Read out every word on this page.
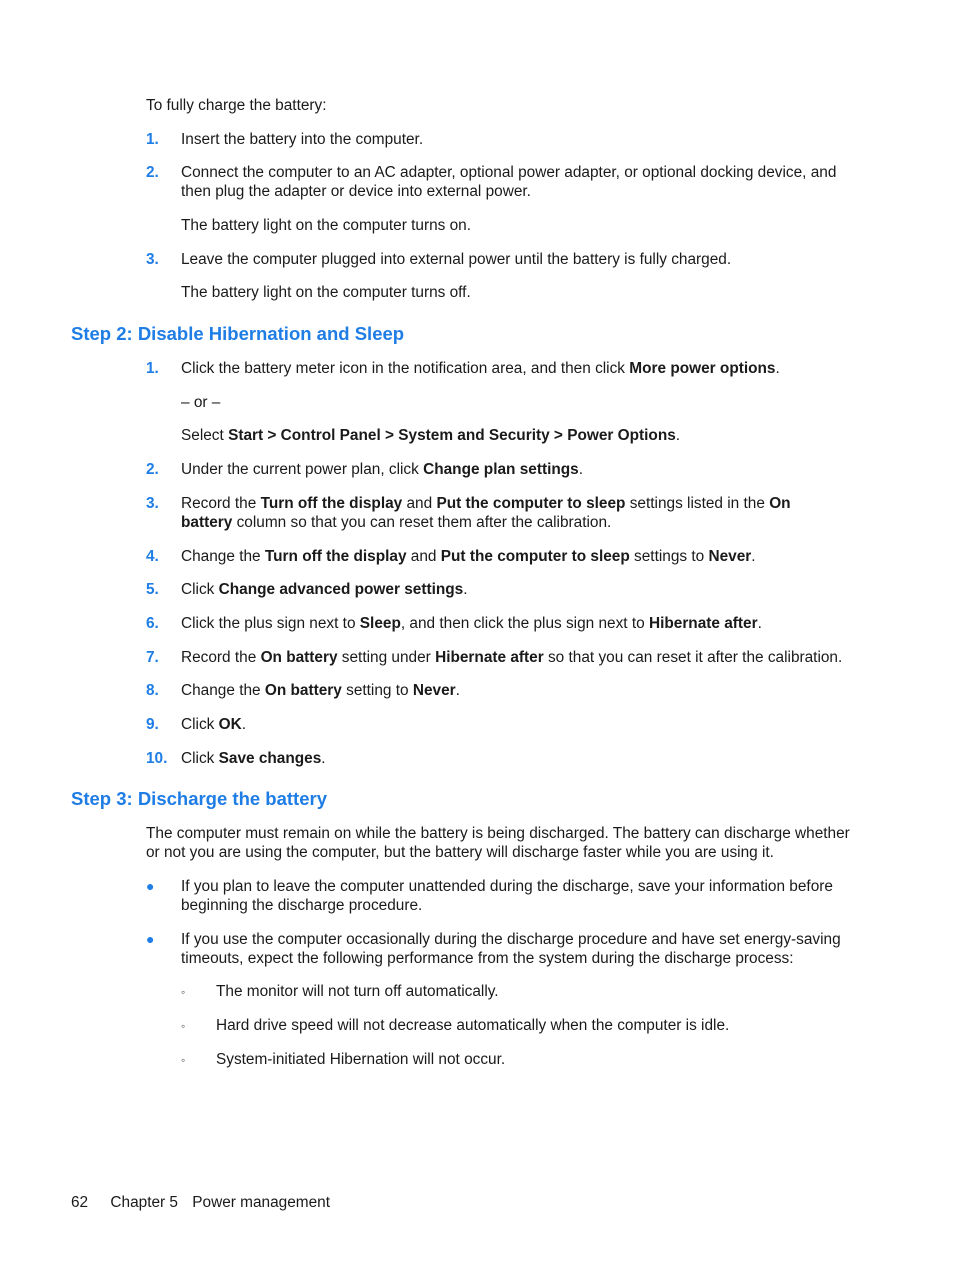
To fully charge the battery:
1. Insert the battery into the computer.
2. Connect the computer to an AC adapter, optional power adapter, or optional docking device, and
then plug the adapter or device into external power.
The battery light on the computer turns on.
3. Leave the computer plugged into external power until the battery is fully charged.
The battery light on the computer turns off.
Step 2: Disable Hibernation and Sleep
1. Click the battery meter icon in the notification area, and then click More power options.
– or –
Select Start > Control Panel > System and Security > Power Options.
2. Under the current power plan, click Change plan settings.
3. Record the Turn off the display and Put the computer to sleep settings listed in the On
battery column so that you can reset them after the calibration.
4. Change the Turn off the display and Put the computer to sleep settings to Never.
5. Click Change advanced power settings.
6. Click the plus sign next to Sleep, and then click the plus sign next to Hibernate after.
7. Record the On battery setting under Hibernate after so that you can reset it after the calibration.
8. Change the On battery setting to Never.
9. Click OK.
10. Click Save changes.
Step 3: Discharge the battery
The computer must remain on while the battery is being discharged. The battery can discharge whether
or not you are using the computer, but the battery will discharge faster while you are using it.
● If you plan to leave the computer unattended during the discharge, save your information before
beginning the discharge procedure.
● If you use the computer occasionally during the discharge procedure and have set energy-saving
timeouts, expect the following performance from the system during the discharge process:
◦ The monitor will not turn off automatically.
◦ Hard drive speed will not decrease automatically when the computer is idle.
◦ System-initiated Hibernation will not occur.
62 Chapter 5 Power management
